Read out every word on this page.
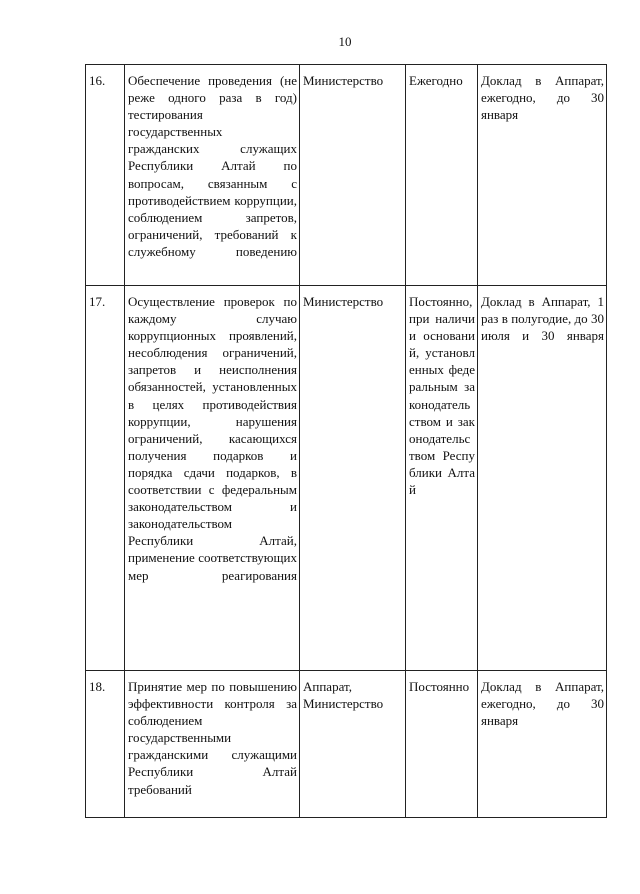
10
16.	Обеспечение проведения (не реже одного раза в год) тестирования государственных гражданских служащих Республики Алтай по вопросам, связанным с противодействием коррупции, соблюдением запретов, ограничений, требований к служебному поведению	Министерство	Ежегодно	Доклад в Аппарат, ежегодно, до 30 января
17.	Осуществление проверок по каждому случаю коррупционных проявлений, несоблюдения ограничений, запретов и неисполнения обязанностей, установленных в целях противодействия коррупции, нарушения ограничений, касающихся получения подарков и порядка сдачи подарков, в соответствии с федеральным законодательством и законодательством Республики Алтай, применение соответствующих мер реагирования	Министерство	Постоянно, при наличии оснований, установленных федеральным законодательством и законодательством Республики Алтай	Доклад в Аппарат, 1 раз в полугодие, до 30 июля и 30 января
18.	Принятие мер по повышению эффективности контроля за соблюдением государственными гражданскими служащими Республики Алтай требований	Аппарат, Министерство	Постоянно	Доклад в Аппарат, ежегодно, до 30 января
